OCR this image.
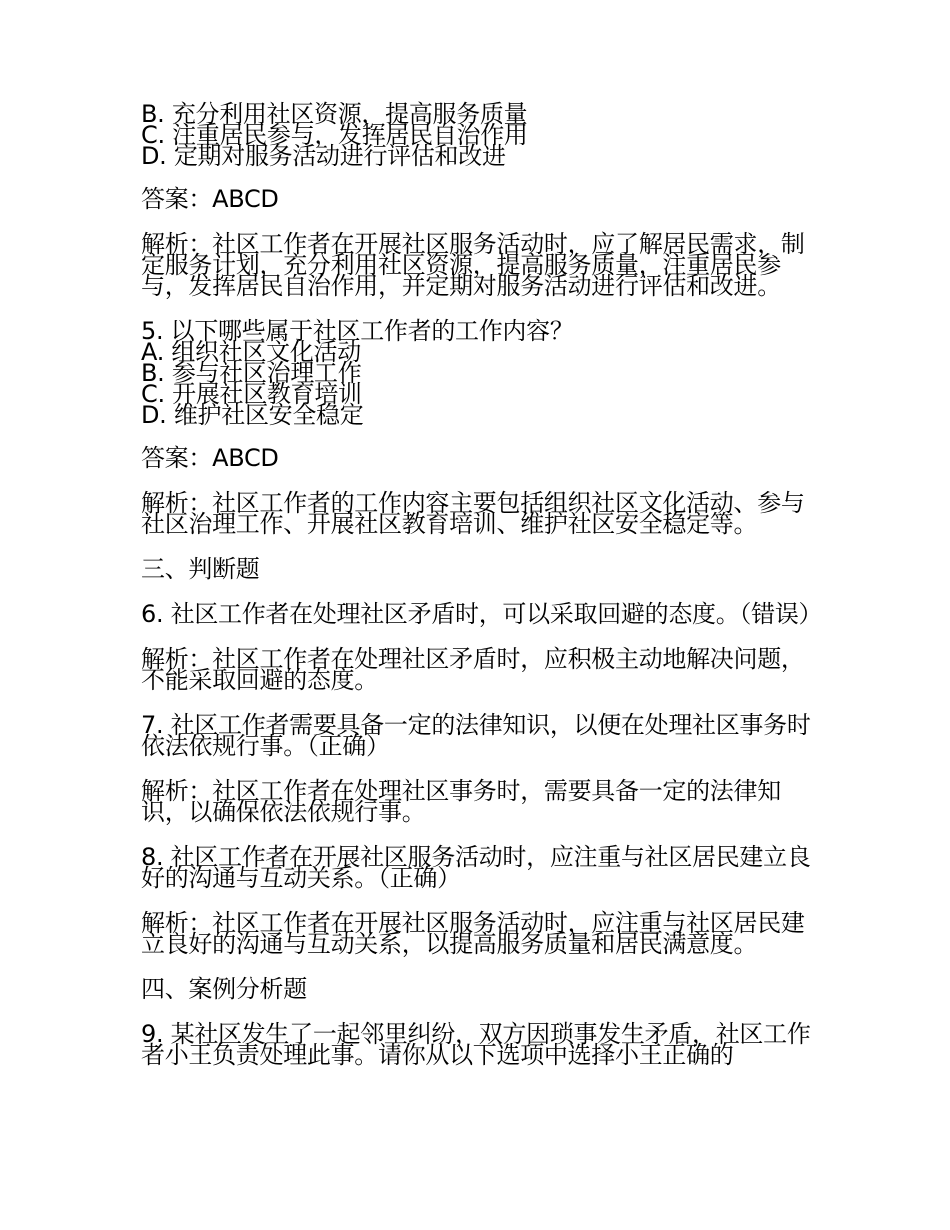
B. 充分利用社区资源，提高服务质量
C. 注重居民参与，发挥居民自治作用
D. 定期对服务活动进行评估和改进
答案：ABCD
解析：社区工作者在开展社区服务活动时，应了解居民需求，制定服务计划，充分利用社区资源，提高服务质量，注重居民参与，发挥居民自治作用，并定期对服务活动进行评估和改进。
5. 以下哪些属于社区工作者的工作内容？
A. 组织社区文化活动
B. 参与社区治理工作
C. 开展社区教育培训
D. 维护社区安全稳定
答案：ABCD
解析：社区工作者的工作内容主要包括组织社区文化活动、参与社区治理工作、开展社区教育培训、维护社区安全稳定等。
三、判断题
6. 社区工作者在处理社区矛盾时，可以采取回避的态度。（错误）
解析：社区工作者在处理社区矛盾时，应积极主动地解决问题，不能采取回避的态度。
7. 社区工作者需要具备一定的法律知识，以便在处理社区事务时依法依规行事。（正确）
解析：社区工作者在处理社区事务时，需要具备一定的法律知识，以确保依法依规行事。
8. 社区工作者在开展社区服务活动时，应注重与社区居民建立良好的沟通与互动关系。（正确）
解析：社区工作者在开展社区服务活动时，应注重与社区居民建立良好的沟通与互动关系，以提高服务质量和居民满意度。
四、案例分析题
9. 某社区发生了一起邻里纠纷，双方因琐事发生矛盾，社区工作者小王负责处理此事。请你从以下选项中选择小王正确的
